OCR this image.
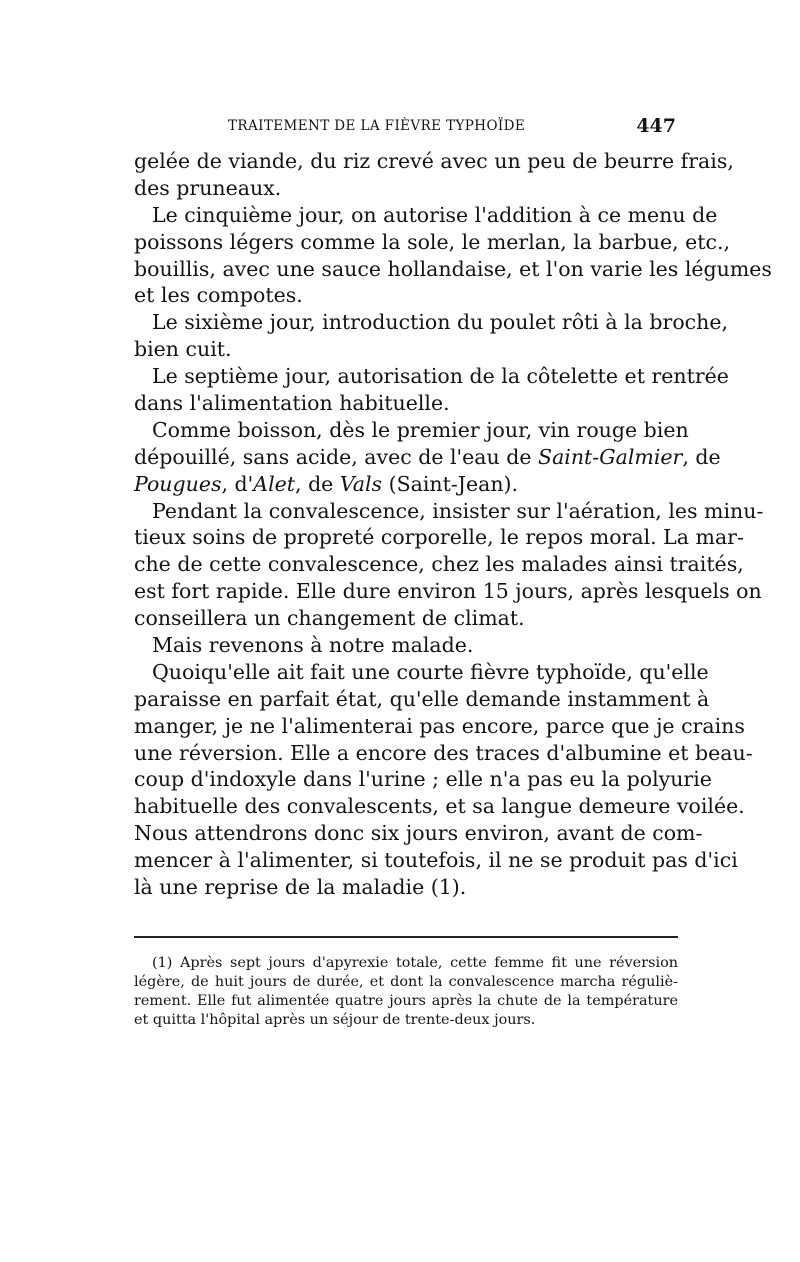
TRAITEMENT DE LA FIÈVRE TYPHOÏDE	447
gelée de viande, du riz crevé avec un peu de beurre frais,
des pruneaux.
Le cinquième jour, on autorise l'addition à ce menu de
poissons légers comme la sole, le merlan, la barbue, etc.,
bouillis, avec une sauce hollandaise, et l'on varie les légumes
et les compotes.
Le sixième jour, introduction du poulet rôti à la broche,
bien cuit.
Le septième jour, autorisation de la côtelette et rentrée
dans l'alimentation habituelle.
Comme boisson, dès le premier jour, vin rouge bien
dépouillé, sans acide, avec de l'eau de Saint-Galmier, de
Pougues, d'Alet, de Vals (Saint-Jean).
Pendant la convalescence, insister sur l'aération, les minu-
tieux soins de propreté corporelle, le repos moral. La mar-
che de cette convalescence, chez les malades ainsi traités,
est fort rapide. Elle dure environ 15 jours, après lesquels on
conseillera un changement de climat.
Mais revenons à notre malade.
Quoiqu'elle ait fait une courte fièvre typhoïde, qu'elle
paraisse en parfait état, qu'elle demande instamment à
manger, je ne l'alimenterai pas encore, parce que je crains
une réversion. Elle a encore des traces d'albumine et beau-
coup d'indoxyle dans l'urine ; elle n'a pas eu la polyurie
habituelle des convalescents, et sa langue demeure voilée.
Nous attendrons donc six jours environ, avant de com-
mencer à l'alimenter, si toutefois, il ne se produit pas d'ici
là une reprise de la maladie (1).
(1) Après sept jours d'apyrexie totale, cette femme fit une réversion
légère, de huit jours de durée, et dont la convalescence marcha réguliè-
rement. Elle fut alimentée quatre jours après la chute de la température
et quitta l'hôpital après un séjour de trente-deux jours.
